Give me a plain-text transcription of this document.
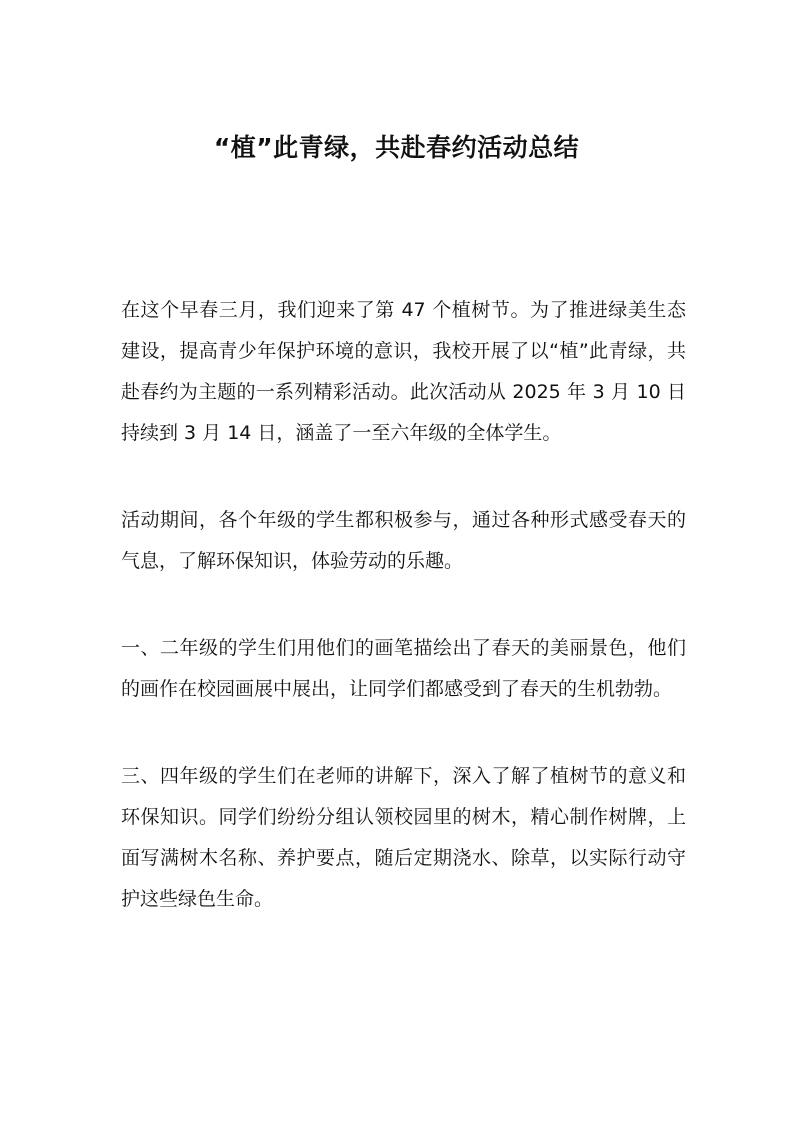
“植”此青绿，共赴春约活动总结

在这个早春三月，我们迎来了第 47 个植树节。为了推进绿美生态建设，提高青少年保护环境的意识，我校开展了以“植”此青绿，共赴春约为主题的一系列精彩活动。此次活动从 2025 年 3 月 10 日持续到 3 月 14 日，涵盖了一至六年级的全体学生。

活动期间，各个年级的学生都积极参与，通过各种形式感受春天的气息，了解环保知识，体验劳动的乐趣。

一、二年级的学生们用他们的画笔描绘出了春天的美丽景色，他们的画作在校园画展中展出，让同学们都感受到了春天的生机勃勃。

三、四年级的学生们在老师的讲解下，深入了解了植树节的意义和环保知识。同学们纷纷分组认领校园里的树木，精心制作树牌，上面写满树木名称、养护要点，随后定期浇水、除草，以实际行动守护这些绿色生命。
